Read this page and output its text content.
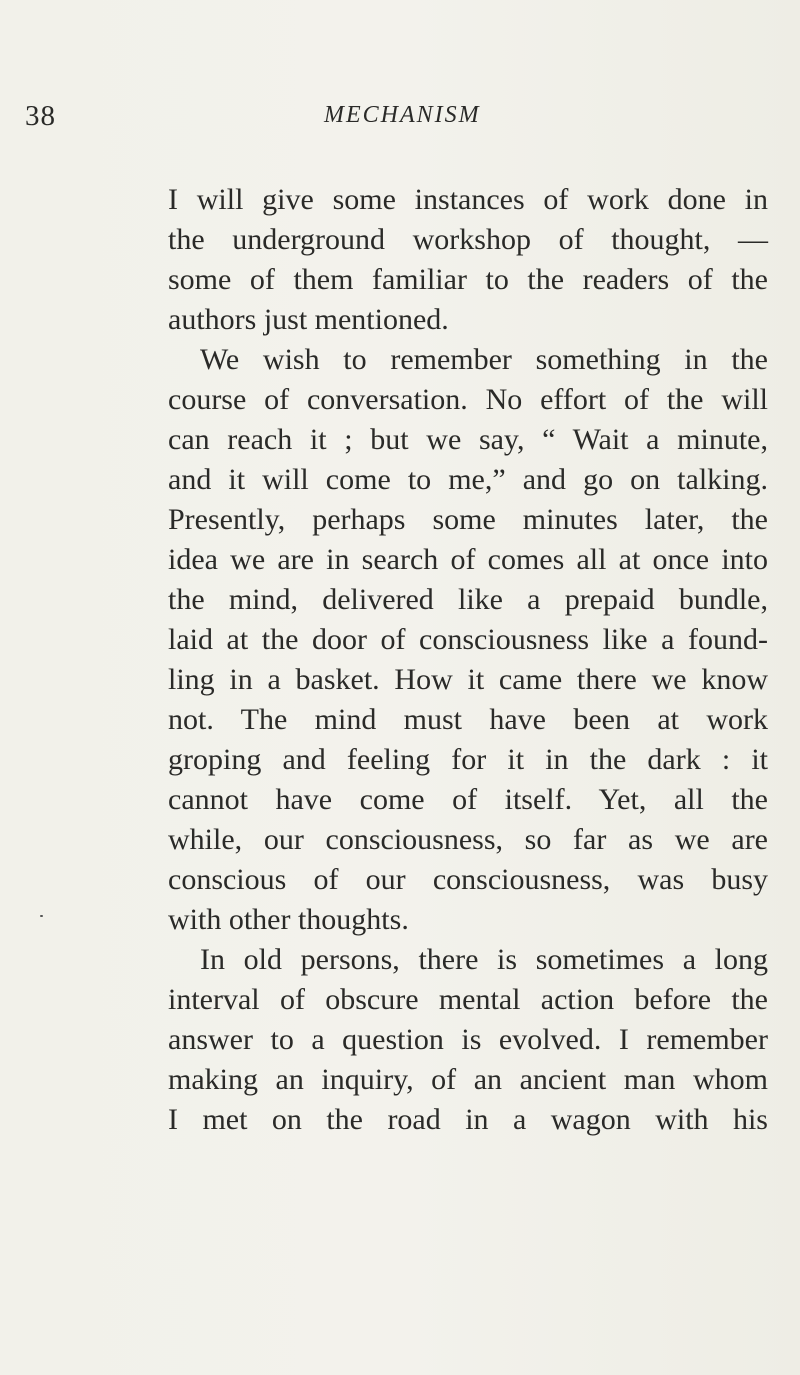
38	MECHANISM
I will give some instances of work done in
the underground workshop of thought, —
some of them familiar to the readers of the
authors just mentioned.
We wish to remember something in the
course of conversation. No effort of the will
can reach it ; but we say, “ Wait a minute,
and it will come to me,” and go on talking.
Presently, perhaps some minutes later, the
idea we are in search of comes all at once into
the mind, delivered like a prepaid bundle,
laid at the door of consciousness like a found-
ling in a basket. How it came there we know
not. The mind must have been at work
groping and feeling for it in the dark : it
cannot have come of itself. Yet, all the
while, our consciousness, so far as we are
conscious of our consciousness, was busy
with other thoughts.
In old persons, there is sometimes a long
interval of obscure mental action before the
answer to a question is evolved. I remember
making an inquiry, of an ancient man whom
I met on the road in a wagon with his
